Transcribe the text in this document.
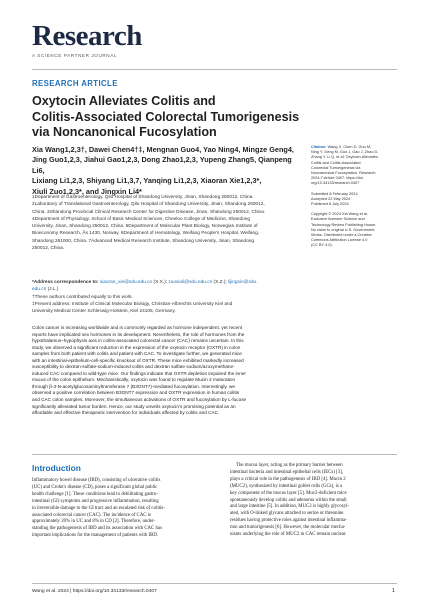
Research
A SCIENCE PARTNER JOURNAL
RESEARCH ARTICLE
Oxytocin Alleviates Colitis and
Colitis-Associated Colorectal Tumorigenesis
via Noncanonical Fucosylation
Xia Wang1,2,3†, Dawei Chen4†‡, Mengnan Guo4, Yao Ning4, Mingze Geng4,
Jing Guo1,2,3, Jiahui Gao1,2,3, Dong Zhao1,2,3, Yupeng Zhang5, Qianpeng Li6,
Lixiang Li1,2,3, Shiyang Li1,3,7, Yanqing Li1,2,3, Xiaoran Xie1,2,3*,
Xiuli Zuo1,2,3*, and Jingxin Li4*
1Department of Gastroenterology, Qilu Hospital of Shandong University, Jinan, Shandong 250012, China.
2Laboratory of Translational Gastroenterology, Qilu Hospital of Shandong University, Jinan, Shandong 250012,
China. 3Shandong Provincial Clinical Research Center for Digestive Disease, Jinan, Shandong 250012, China.
4Department of Physiology, School of Basic Medical Sciences, Cheeloo College of Medicine, Shandong
University, Jinan, Shandong 250012, China. 5Department of Molecular Plant Biology, Norwegian Institute of
Bioeconomy Research, Ås 1430, Norway. 6Department of Hematology, Weifang People's Hospital, Weifang,
Shandong 261000, China. 7Advanced Medical Research Institute, Shandong University, Jinan, Shandong
250012, China.
*Address correspondence to: xiaoran_xie@sdu.edu.cn (X.X.); zuoxiuli@sdu.edu.cn (X.Z.); lijingxin@sdu.
edu.cn (J.L.)
†These authors contributed equally to this work.
‡Present address: Institute of Clinical Molecular Biology, Christian-Albrechts University Kiel and
University Medical Center Schleswig-Holstein, Kiel 24105, Germany.
Colon cancer is increasing worldwide and is commonly regarded as hormone independent, yet recent
reports have implicated sex hormones in its development. Nevertheless, the role of hormones from the
hypothalamus–hypophysis axis in colitis-associated colorectal cancer (CAC) remains uncertain. In this
study, we observed a significant reduction in the expression of the oxytocin receptor (OXTR) in colon
samples from both patient with colitis and patient with CAC. To investigate further, we generated mice
with an intestinal-epithelium-cell-specific knockout of OXTR. These mice exhibited markedly increased
susceptibility to dextran-sulfate-sodium-induced colitis and dextran sulfate sodium/azoxymethane-
induced CAC compared to wild-type mice. Our findings indicate that OXTR depletion impaired the inner
mucus of the colon epithelium. Mechanistically, oxytocin was found to regulate Mucin 2 maturation
through β-3-N-acetylglucosaminyltransferase 7 (B3GNT7)-mediated fucosylation. Interestingly, we
observed a positive correlation between B3GNT7 expression and OXTR expression in human colitis
and CAC colon samples. Moreover, the simultaneous activations of OXTR and fucosylation by L-fucose
significantly alleviated tumor burden. Hence, our study unveils oxytocin's promising potential as an
affordable and effective therapeutic intervention for individuals affected by colitis and CAC.
Citation: Wang X, Chen D, Guo M,
Ning Y, Geng M, Guo J, Gao J, Zhao D,
Zhang Y, Li Q, et al. Oxytocin Alleviates
Colitis and Colitis-Associated
Colorectal Tumorigenesis via
Noncanonical Fucosylation. Research
2024;7:Article 0407. https://doi.
org/10.34133/research.0407
Submitted 8 February 2024
Accepted 22 May 2024
Published 8 July 2024
Copyright © 2024 Xia Wang et al.
Exclusive licensee Science and
Technology Review Publishing House.
No claim to original U.S. Government
Works. Distributed under a Creative
Commons Attribution License 4.0
(CC BY 4.0).
Introduction
Inflammatory bowel disease (IBD), consisting of ulcerative colitis
(UC) and Crohn's disease (CD), poses a significant global public
health challenge [1]. These conditions lead to debilitating gastro-
intestinal (GI) symptoms and progressive inflammation, resulting
in irreversible damage to the GI tract and an escalated risk of colitis-
associated colorectal cancer (CAC). The incidence of CAC is
approximately 20% in UC and 8% in CD [2]. Therefore, under-
standing the pathogenesis of IBD and its association with CAC has
important implications for the management of patients with IBD.
The mucus layer, acting as the primary barrier between
intestinal bacteria and intestinal epithelial cells (IECs) [3],
plays a critical role in the pathogenesis of IBD [4]. Mucin 2
(MUC2), synthesized by intestinal goblet cells (GCs), is a
key component of the mucus layer [5]. Muc2-deficient mice
spontaneously develop colitis and adenoma within the small
and large intestine [5]. In addition, MUC2 is highly glycosyl-
ated, with O-linked glycans attached to serine or threonine
residues having protective roles against intestinal inflamma-
tion and tumorigenesis [6]. However, the molecular mecha-
nisms underlying the role of MUC2 in CAC remain unclear.
Wang et al. 2024 | https://doi.org/10.34133/research.0407	1
